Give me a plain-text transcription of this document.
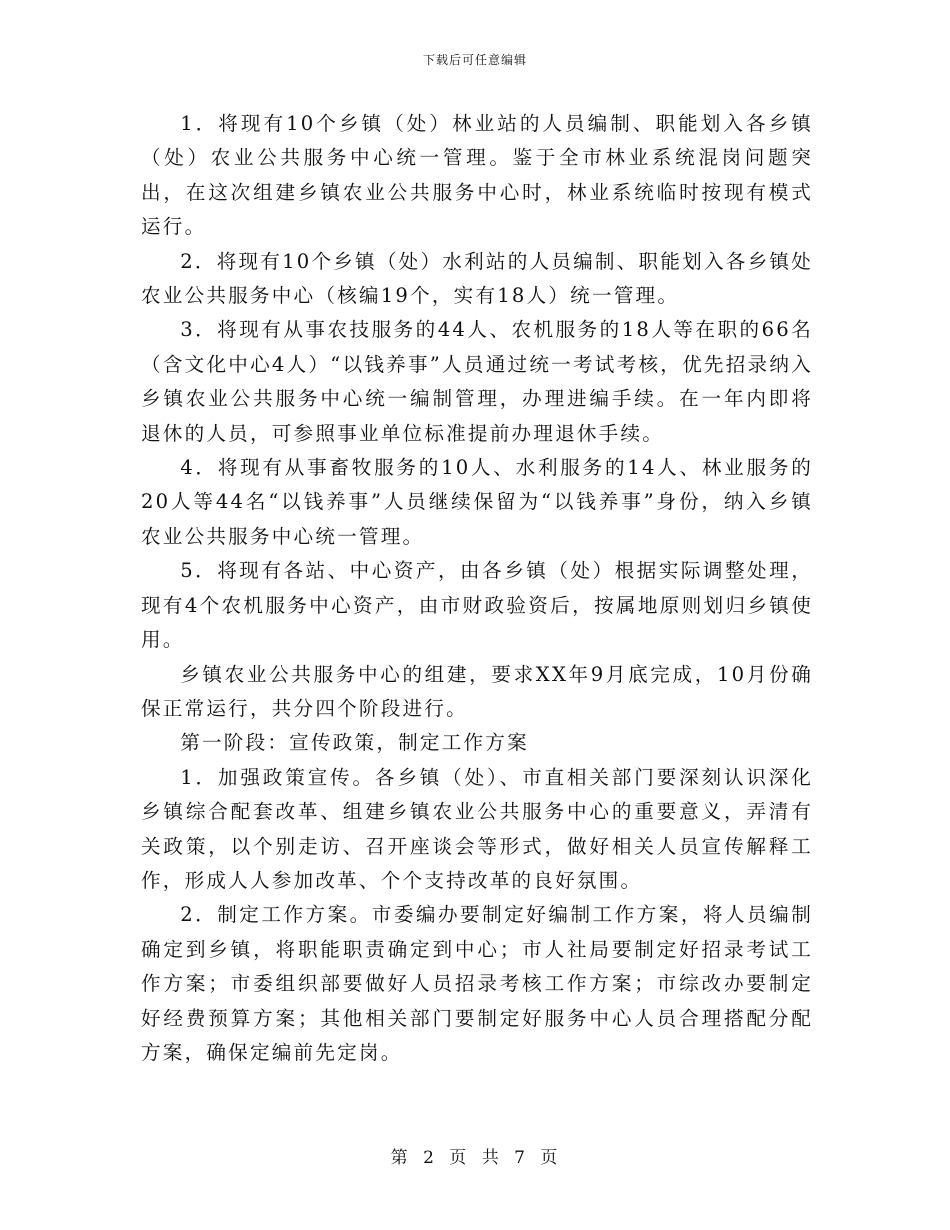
下载后可任意编辑

1．将现有10个乡镇（处）林业站的人员编制、职能划入各乡镇（处）农业公共服务中心统一管理。鉴于全市林业系统混岗问题突出，在这次组建乡镇农业公共服务中心时，林业系统临时按现有模式运行。

2．将现有10个乡镇（处）水利站的人员编制、职能划入各乡镇处农业公共服务中心（核编19个，实有18人）统一管理。

3．将现有从事农技服务的44人、农机服务的18人等在职的66名（含文化中心4人）“以钱养事”人员通过统一考试考核，优先招录纳入乡镇农业公共服务中心统一编制管理，办理进编手续。在一年内即将退休的人员，可参照事业单位标准提前办理退休手续。

4．将现有从事畜牧服务的10人、水利服务的14人、林业服务的20人等44名“以钱养事”人员继续保留为“以钱养事”身份，纳入乡镇农业公共服务中心统一管理。

5．将现有各站、中心资产，由各乡镇（处）根据实际调整处理，现有4个农机服务中心资产，由市财政验资后，按属地原则划归乡镇使用。

乡镇农业公共服务中心的组建，要求XX年9月底完成，10月份确保正常运行，共分四个阶段进行。

第一阶段：宣传政策，制定工作方案

1．加强政策宣传。各乡镇（处）、市直相关部门要深刻认识深化乡镇综合配套改革、组建乡镇农业公共服务中心的重要意义，弄清有关政策，以个别走访、召开座谈会等形式，做好相关人员宣传解释工作，形成人人参加改革、个个支持改革的良好氛围。

2．制定工作方案。市委编办要制定好编制工作方案，将人员编制确定到乡镇，将职能职责确定到中心；市人社局要制定好招录考试工作方案；市委组织部要做好人员招录考核工作方案；市综改办要制定好经费预算方案；其他相关部门要制定好服务中心人员合理搭配分配方案，确保定编前先定岗。

第 2 页 共 7 页
